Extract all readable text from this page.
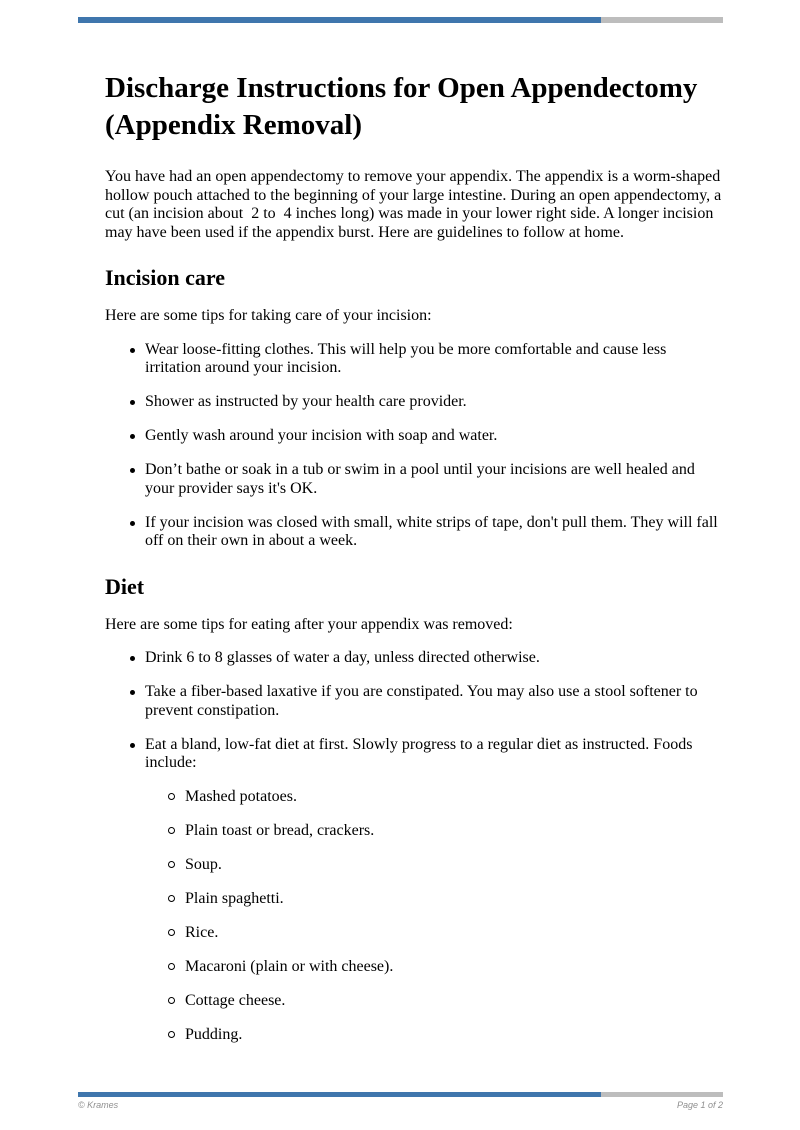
Discharge Instructions for Open Appendectomy (Appendix Removal)

You have had an open appendectomy to remove your appendix. The appendix is a worm-shaped hollow pouch attached to the beginning of your large intestine. During an open appendectomy, a cut (an incision about  2 to  4 inches long) was made in your lower right side. A longer incision may have been used if the appendix burst. Here are guidelines to follow at home.

Incision care

Here are some tips for taking care of your incision:

Wear loose-fitting clothes. This will help you be more comfortable and cause less irritation around your incision.
Shower as instructed by your health care provider.
Gently wash around your incision with soap and water.
Don’t bathe or soak in a tub or swim in a pool until your incisions are well healed and your provider says it's OK.
If your incision was closed with small, white strips of tape, don't pull them. They will fall off on their own in about a week.
Diet

Here are some tips for eating after your appendix was removed:

Drink 6 to 8 glasses of water a day, unless directed otherwise.
Take a fiber-based laxative if you are constipated. You may also use a stool softener to prevent constipation.
Eat a bland, low-fat diet at first. Slowly progress to a regular diet as instructed. Foods include:
Mashed potatoes.
Plain toast or bread, crackers.
Soup.
Plain spaghetti.
Rice.
Macaroni (plain or with cheese).
Cottage cheese.
Pudding.
© Krames	Page 1 of 2
